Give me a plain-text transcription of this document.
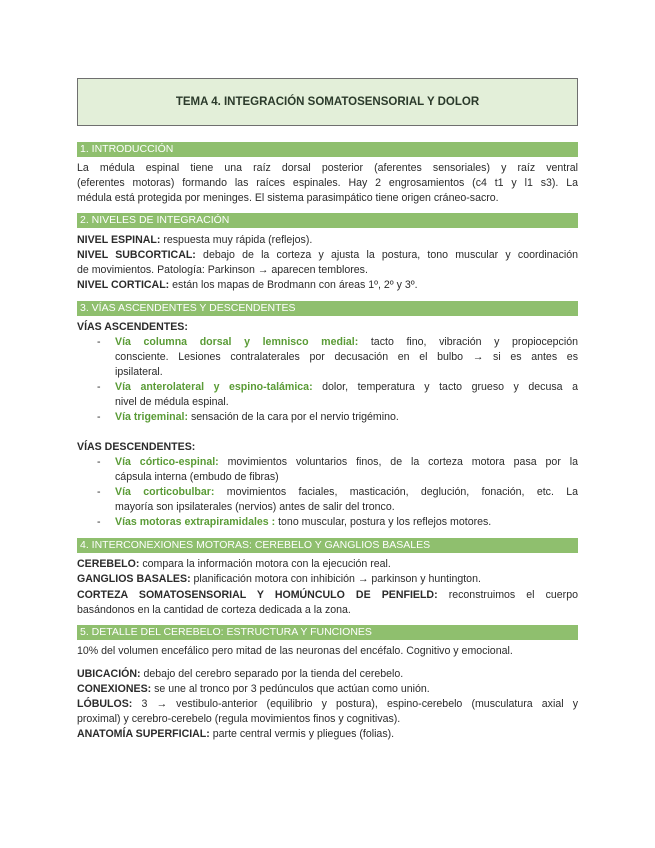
TEMA 4. INTEGRACIÓN SOMATOSENSORIAL Y DOLOR
1. INTRODUCCIÓN
La médula espinal tiene una raíz dorsal posterior (aferentes sensoriales) y raíz ventral
(eferentes motoras) formando las raíces espinales. Hay 2 engrosamientos (c4 t1 y l1 s3). La
médula está protegida por meninges. El sistema parasimpático tiene origen cráneo-sacro.
2. NIVELES DE INTEGRACIÓN
NIVEL ESPINAL: respuesta muy rápida (reflejos).
NIVEL SUBCORTICAL: debajo de la corteza y ajusta la postura, tono muscular y coordinación
de movimientos. Patología: Parkinson → aparecen temblores.
NIVEL CORTICAL: están los mapas de Brodmann con áreas 1º, 2º y 3º.
3. VÍAS ASCENDENTES Y DESCENDENTES
VÍAS ASCENDENTES:
- Vía columna dorsal y lemnisco medial: tacto fino, vibración y propiocepción
consciente. Lesiones contralaterales por decusación en el bulbo → si es antes es
ipsilateral.
- Vía anterolateral y espino-talámica: dolor, temperatura y tacto grueso y decusa a
nivel de médula espinal.
- Vía trigeminal: sensación de la cara por el nervio trigémino.
VÍAS DESCENDENTES:
- Vía córtico-espinal: movimientos voluntarios finos, de la corteza motora pasa por la
cápsula interna (embudo de fibras)
- Vía corticobulbar: movimientos faciales, masticación, deglución, fonación, etc. La
mayoría son ipsilaterales (nervios) antes de salir del tronco.
- Vías motoras extrapiramidales : tono muscular, postura y los reflejos motores.
4. INTERCONEXIONES MOTORAS: CEREBELO Y GANGLIOS BASALES
CEREBELO: compara la información motora con la ejecución real.
GANGLIOS BASALES: planificación motora con inhibición → parkinson y huntington.
CORTEZA SOMATOSENSORIAL Y HOMÚNCULO DE PENFIELD: reconstruimos el cuerpo
basándonos en la cantidad de corteza dedicada a la zona.
5. DETALLE DEL CEREBELO: ESTRUCTURA Y FUNCIONES
10% del volumen encefálico pero mitad de las neuronas del encéfalo. Cognitivo y emocional.
UBICACIÓN: debajo del cerebro separado por la tienda del cerebelo.
CONEXIONES: se une al tronco por 3 pedúnculos que actúan como unión.
LÓBULOS: 3 → vestibulo-anterior (equilibrio y postura), espino-cerebelo (musculatura axial y
proximal) y cerebro-cerebelo (regula movimientos finos y cognitivas).
ANATOMÍA SUPERFICIAL: parte central vermis y pliegues (folias).
